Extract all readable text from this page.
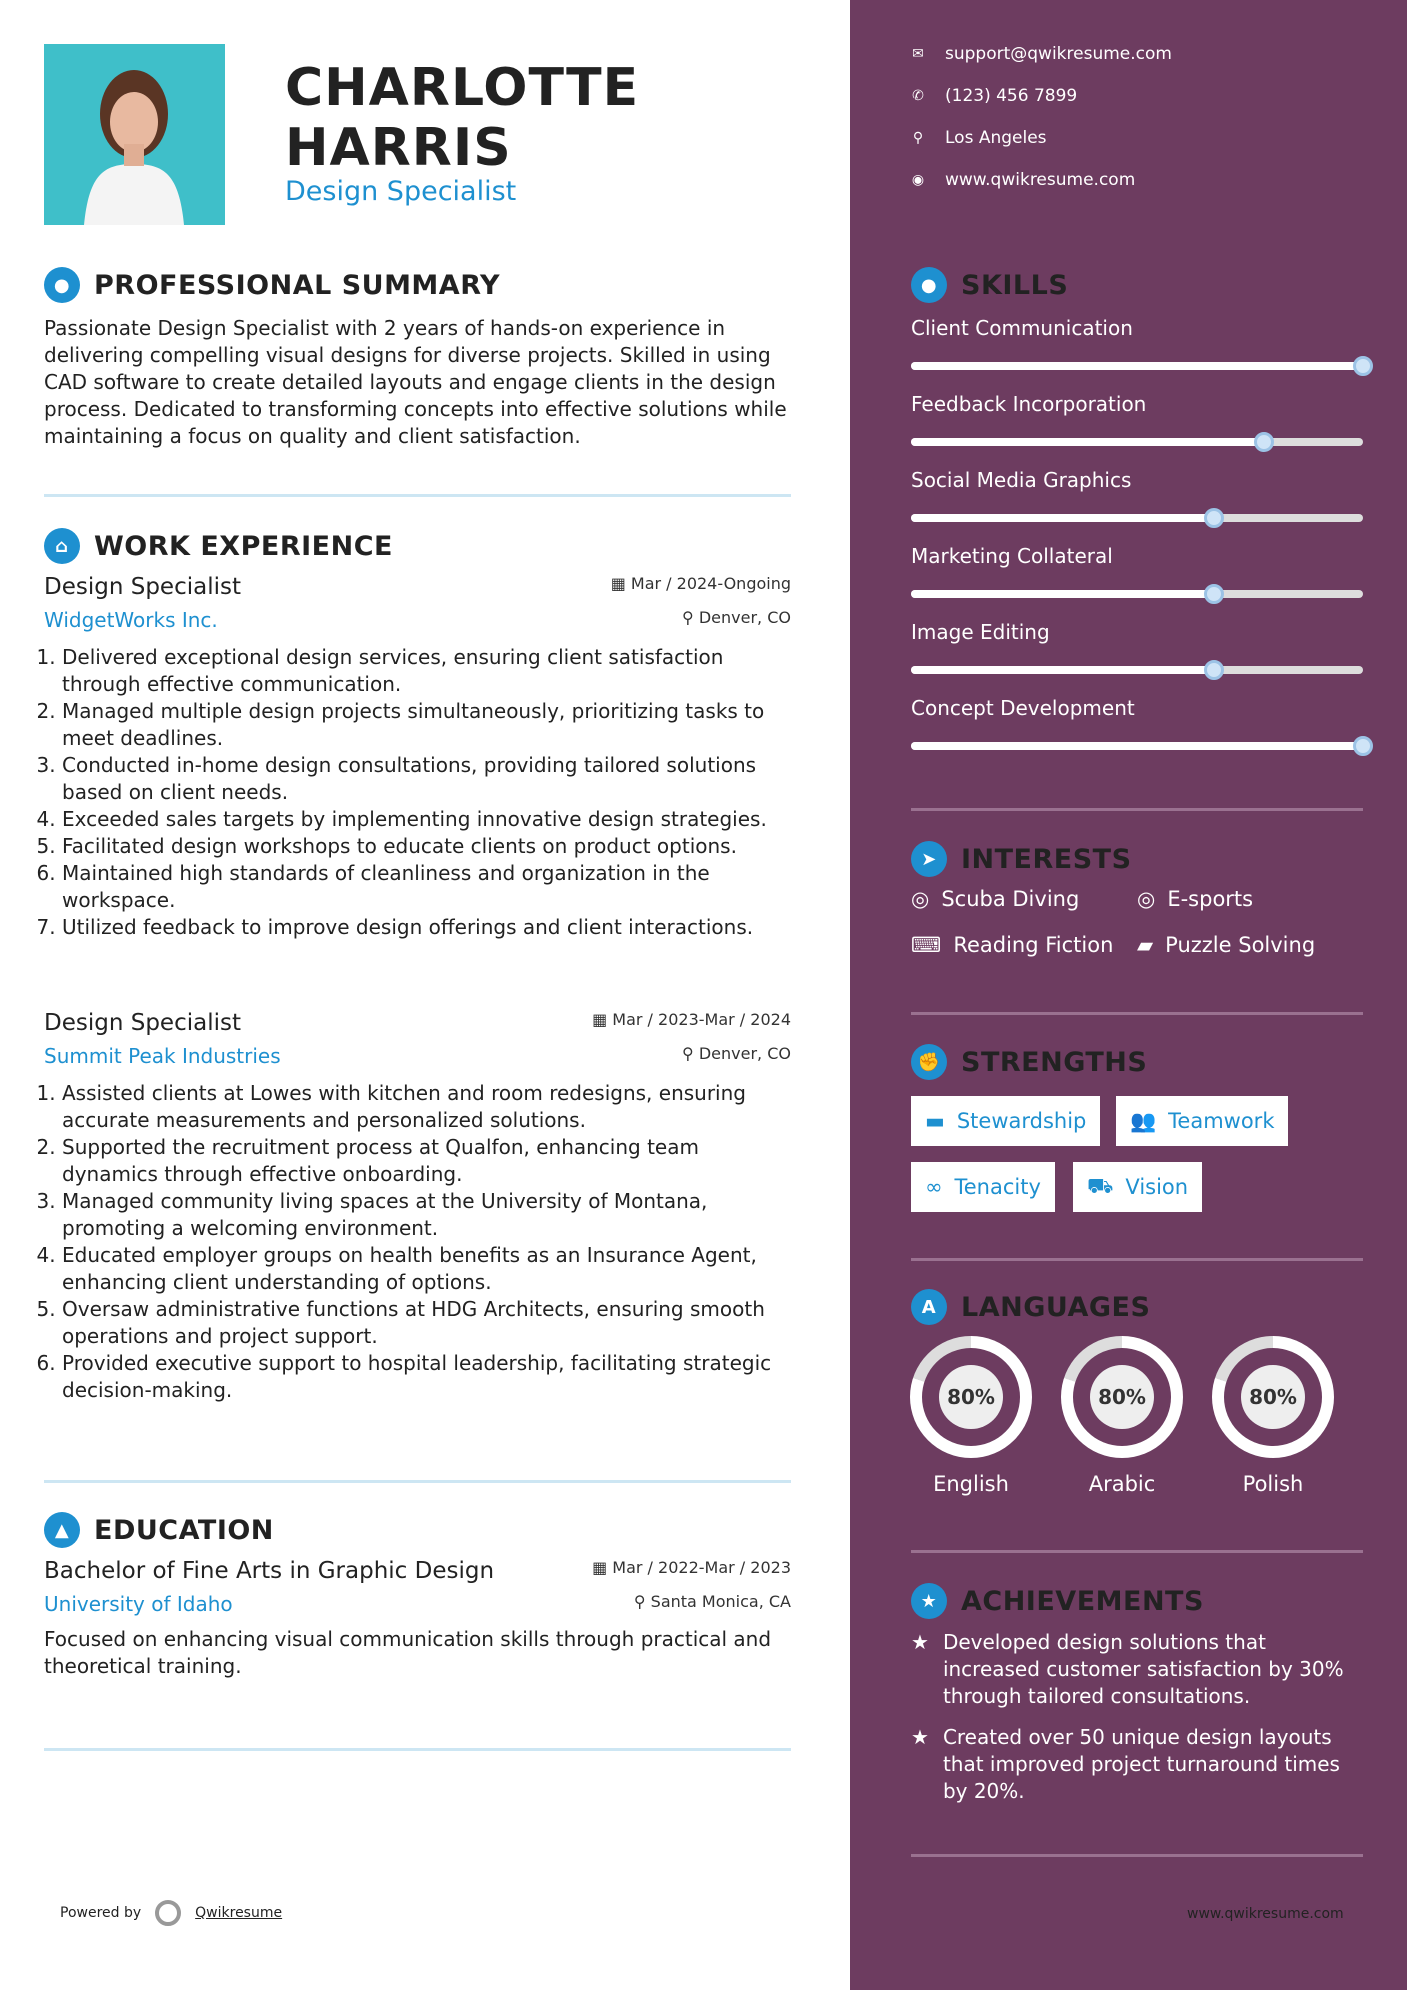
CHARLOTTE
HARRIS
Design Specialist
● PROFESSIONAL SUMMARY
Passionate Design Specialist with 2 years of hands-on experience in delivering compelling visual designs for diverse projects. Skilled in using CAD software to create detailed layouts and engage clients in the design process. Dedicated to transforming concepts into effective solutions while maintaining a focus on quality and client satisfaction.
⌂ WORK EXPERIENCE
Design Specialist	▦ Mar / 2024-Ongoing
WidgetWorks Inc.	⚲ Denver, CO
1. Delivered exceptional design services, ensuring client satisfaction through effective communication.
2. Managed multiple design projects simultaneously, prioritizing tasks to meet deadlines.
3. Conducted in-home design consultations, providing tailored solutions based on client needs.
4. Exceeded sales targets by implementing innovative design strategies.
5. Facilitated design workshops to educate clients on product options.
6. Maintained high standards of cleanliness and organization in the workspace.
7. Utilized feedback to improve design offerings and client interactions.
Design Specialist	▦ Mar / 2023-Mar / 2024
Summit Peak Industries	⚲ Denver, CO
1. Assisted clients at Lowes with kitchen and room redesigns, ensuring accurate measurements and personalized solutions.
2. Supported the recruitment process at Qualfon, enhancing team dynamics through effective onboarding.
3. Managed community living spaces at the University of Montana, promoting a welcoming environment.
4. Educated employer groups on health benefits as an Insurance Agent, enhancing client understanding of options.
5. Oversaw administrative functions at HDG Architects, ensuring smooth operations and project support.
6. Provided executive support to hospital leadership, facilitating strategic decision-making.
▲ EDUCATION
Bachelor of Fine Arts in Graphic Design	▦ Mar / 2022-Mar / 2023
University of Idaho	⚲ Santa Monica, CA
Focused on enhancing visual communication skills through practical and theoretical training.
Powered by	Qwikresume
✉ support@qwikresume.com
✆ (123) 456 7899
⚲ Los Angeles
◉ www.qwikresume.com
● SKILLS
Client Communication
Feedback Incorporation
Social Media Graphics
Marketing Collateral
Image Editing
Concept Development
➤ INTERESTS
◎ Scuba Diving	◎ E-sports
⌨ Reading Fiction ▰ Puzzle Solving
✊ STRENGTHS
▬ Stewardship 👥 Teamwork
∞ Tenacity ⛟ Vision
A LANGUAGES
80%
English
80%
Arabic
80%
Polish
★ ACHIEVEMENTS
★ Developed design solutions that increased customer satisfaction by 30% through tailored consultations.
★ Created over 50 unique design layouts that improved project turnaround times by 20%.
www.qwikresume.com
